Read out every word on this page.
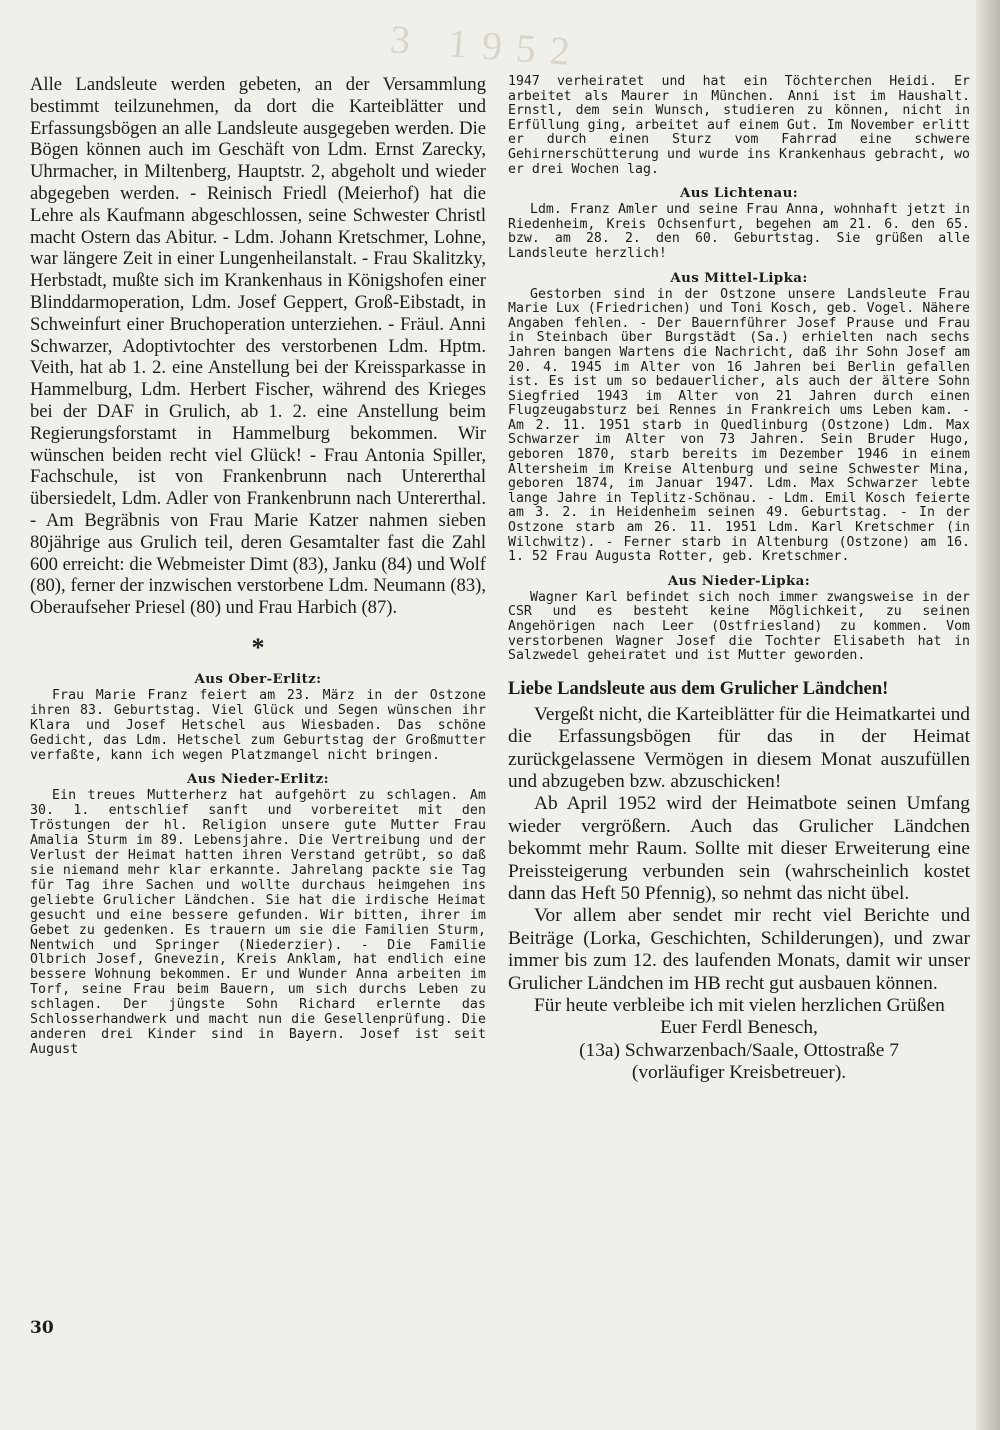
3 1952

Alle Landsleute werden gebeten, an der Versammlung bestimmt teilzunehmen, da dort die Karteiblätter und Erfassungsbögen an alle Landsleute ausgegeben werden. Die Bögen können auch im Geschäft von Ldm. Ernst Zarecky, Uhrmacher, in Miltenberg, Hauptstr. 2, abgeholt und wieder abgegeben werden. - Reinisch Friedl (Meierhof) hat die Lehre als Kaufmann abgeschlossen, seine Schwester Christl macht Ostern das Abitur. - Ldm. Johann Kretschmer, Lohne, war längere Zeit in einer Lungenheilanstalt. - Frau Skalitzky, Herbstadt, mußte sich im Krankenhaus in Königshofen einer Blinddarmoperation, Ldm. Josef Geppert, Groß-Eibstadt, in Schweinfurt einer Bruchoperation unterziehen. - Fräul. Anni Schwarzer, Adoptivtochter des verstorbenen Ldm. Hptm. Veith, hat ab 1. 2. eine Anstellung bei der Kreissparkasse in Hammelburg, Ldm. Herbert Fischer, während des Krieges bei der DAF in Grulich, ab 1. 2. eine Anstellung beim Regierungsforstamt in Hammelburg bekommen. Wir wünschen beiden recht viel Glück! - Frau Antonia Spiller, Fachschule, ist von Frankenbrunn nach Untererthal übersiedelt, Ldm. Adler von Frankenbrunn nach Untererthal. - Am Begräbnis von Frau Marie Katzer nahmen sieben 80jährige aus Grulich teil, deren Gesamtalter fast die Zahl 600 erreicht: die Webmeister Dimt (83), Janku (84) und Wolf (80), ferner der inzwischen verstorbene Ldm. Neumann (83), Oberaufseher Priesel (80) und Frau Harbich (87).

*
Aus Ober-Erlitz:

Frau Marie Franz feiert am 23. März in der Ostzone ihren 83. Geburtstag. Viel Glück und Segen wünschen ihr Klara und Josef Hetschel aus Wiesbaden. Das schöne Gedicht, das Ldm. Hetschel zum Geburtstag der Großmutter verfaßte, kann ich wegen Platzmangel nicht bringen.

Aus Nieder-Erlitz:

Ein treues Mutterherz hat aufgehört zu schlagen. Am 30. 1. entschlief sanft und vorbereitet mit den Tröstungen der hl. Religion unsere gute Mutter Frau Amalia Sturm im 89. Lebensjahre. Die Vertreibung und der Verlust der Heimat hatten ihren Verstand getrübt, so daß sie niemand mehr klar erkannte. Jahrelang packte sie Tag für Tag ihre Sachen und wollte durchaus heimgehen ins geliebte Grulicher Ländchen. Sie hat die irdische Heimat gesucht und eine bessere gefunden. Wir bitten, ihrer im Gebet zu gedenken. Es trauern um sie die Familien Sturm, Nentwich und Springer (Niederzier). - Die Familie Olbrich Josef, Gnevezin, Kreis Anklam, hat endlich eine bessere Wohnung bekommen. Er und Wunder Anna arbeiten im Torf, seine Frau beim Bauern, um sich durchs Leben zu schlagen. Der jüngste Sohn Richard erlernte das Schlosserhandwerk und macht nun die Gesellenprüfung. Die anderen drei Kinder sind in Bayern. Josef ist seit August

1947 verheiratet und hat ein Töchterchen Heidi. Er arbeitet als Maurer in München. Anni ist im Haushalt. Ernstl, dem sein Wunsch, studieren zu können, nicht in Erfüllung ging, arbeitet auf einem Gut. Im November erlitt er durch einen Sturz vom Fahrrad eine schwere Gehirnerschütterung und wurde ins Krankenhaus gebracht, wo er drei Wochen lag.

Aus Lichtenau:

Ldm. Franz Amler und seine Frau Anna, wohnhaft jetzt in Riedenheim, Kreis Ochsenfurt, begehen am 21. 6. den 65. bzw. am 28. 2. den 60. Geburtstag. Sie grüßen alle Landsleute herzlich!

Aus Mittel-Lipka:

Gestorben sind in der Ostzone unsere Landsleute Frau Marie Lux (Friedrichen) und Toni Kosch, geb. Vogel. Nähere Angaben fehlen. - Der Bauernführer Josef Prause und Frau in Steinbach über Burgstädt (Sa.) erhielten nach sechs Jahren bangen Wartens die Nachricht, daß ihr Sohn Josef am 20. 4. 1945 im Alter von 16 Jahren bei Berlin gefallen ist. Es ist um so bedauerlicher, als auch der ältere Sohn Siegfried 1943 im Alter von 21 Jahren durch einen Flugzeugabsturz bei Rennes in Frankreich ums Leben kam. - Am 2. 11. 1951 starb in Quedlinburg (Ostzone) Ldm. Max Schwarzer im Alter von 73 Jahren. Sein Bruder Hugo, geboren 1870, starb bereits im Dezember 1946 in einem Altersheim im Kreise Altenburg und seine Schwester Mina, geboren 1874, im Januar 1947. Ldm. Max Schwarzer lebte lange Jahre in Teplitz-Schönau. - Ldm. Emil Kosch feierte am 3. 2. in Heidenheim seinen 49. Geburtstag. - In der Ostzone starb am 26. 11. 1951 Ldm. Karl Kretschmer (in Wilchwitz). - Ferner starb in Altenburg (Ostzone) am 16. 1. 52 Frau Augusta Rotter, geb. Kretschmer.

Aus Nieder-Lipka:

Wagner Karl befindet sich noch immer zwangsweise in der CSR und es besteht keine Möglichkeit, zu seinen Angehörigen nach Leer (Ostfriesland) zu kommen. Vom verstorbenen Wagner Josef die Tochter Elisabeth hat in Salzwedel geheiratet und ist Mutter geworden.

Liebe Landsleute aus dem Grulicher Ländchen!

Vergeßt nicht, die Karteiblätter für die Heimatkartei und die Erfassungsbögen für das in der Heimat zurückgelassene Vermögen in diesem Monat auszufüllen und abzugeben bzw. abzuschicken!

Ab April 1952 wird der Heimatbote seinen Umfang wieder vergrößern. Auch das Grulicher Ländchen bekommt mehr Raum. Sollte mit dieser Erweiterung eine Preissteigerung verbunden sein (wahrscheinlich kostet dann das Heft 50 Pfennig), so nehmt das nicht übel.

Vor allem aber sendet mir recht viel Berichte und Beiträge (Lorka, Geschichten, Schilderungen), und zwar immer bis zum 12. des laufenden Monats, damit wir unser Grulicher Ländchen im HB recht gut ausbauen können.

Für heute verbleibe ich mit vielen herzlichen Grüßen

Euer Ferdl Benesch,

(13a) Schwarzenbach/Saale, Ottostraße 7

(vorläufiger Kreisbetreuer).

30
